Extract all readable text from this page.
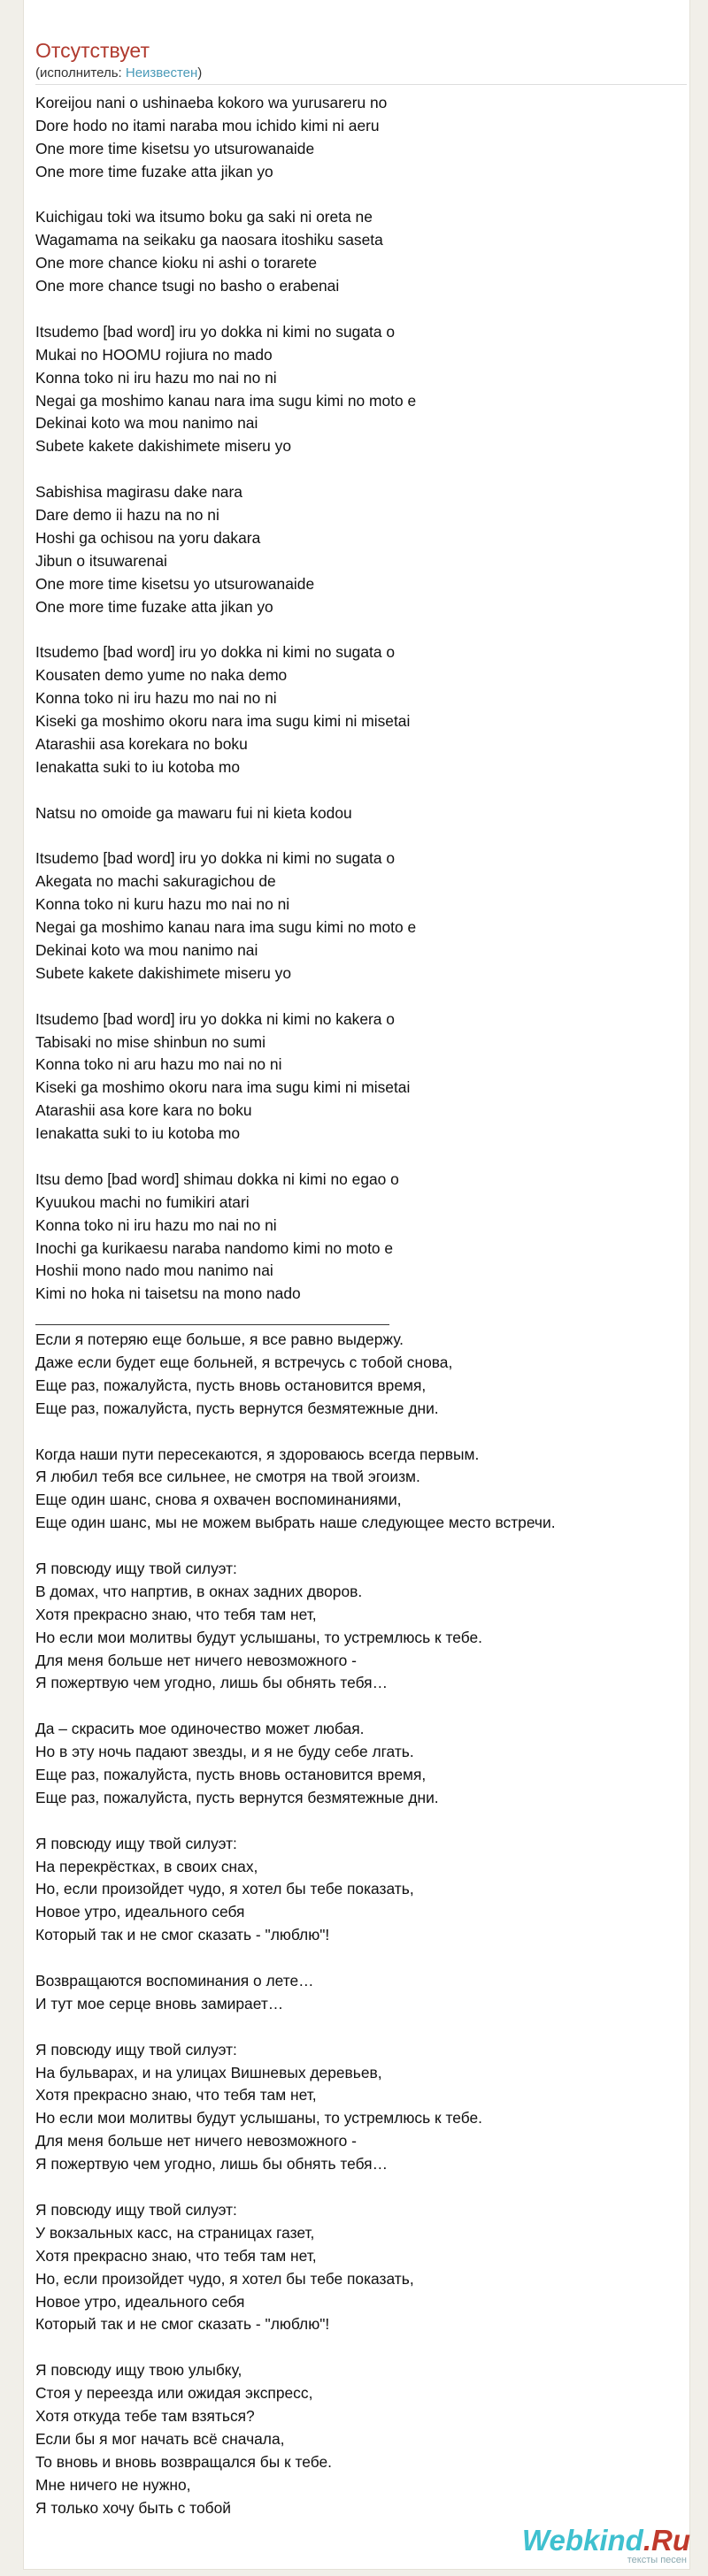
Отсутствует
(исполнитель: Неизвестен)
Koreijou nani o ushinaeba kokoro wa yurusareru no
Dore hodo no itami naraba mou ichido kimi ni aeru
One more time kisetsu yo utsurowanaide
One more time fuzake atta jikan yo
Kuichigau toki wa itsumo boku ga saki ni oreta ne
Wagamama na seikaku ga naosara itoshiku saseta
One more chance kioku ni ashi o torarete
One more chance tsugi no basho o erabenai
Itsudemo [bad word] iru yo dokka ni kimi no sugata o
Mukai no HOOMU rojiura no mado
Konna toko ni iru hazu mo nai no ni
Negai ga moshimo kanau nara ima sugu kimi no moto e
Dekinai koto wa mou nanimo nai
Subete kakete dakishimete miseru yo
Sabishisa magirasu dake nara
Dare demo ii hazu na no ni
Hoshi ga ochisou na yoru dakara
Jibun o itsuwarenai
One more time kisetsu yo utsurowanaide
One more time fuzake atta jikan yo
Itsudemo [bad word] iru yo dokka ni kimi no sugata o
Kousaten demo yume no naka demo
Konna toko ni iru hazu mo nai no ni
Kiseki ga moshimo okoru nara ima sugu kimi ni misetai
Atarashii asa korekara no boku
Ienakatta suki to iu kotoba mo
Natsu no omoide ga mawaru fui ni kieta kodou
Itsudemo [bad word] iru yo dokka ni kimi no sugata o
Akegata no machi sakuragichou de
Konna toko ni kuru hazu mo nai no ni
Negai ga moshimo kanau nara ima sugu kimi no moto e
Dekinai koto wa mou nanimo nai
Subete kakete dakishimete miseru yo
Itsudemo [bad word] iru yo dokka ni kimi no kakera o
Tabisaki no mise shinbun no sumi
Konna toko ni aru hazu mo nai no ni
Kiseki ga moshimo okoru nara ima sugu kimi ni misetai
Atarashii asa kore kara no boku
Ienakatta suki to iu kotoba mo
Itsu demo [bad word] shimau dokka ni kimi no egao o
Kyuukou machi no fumikiri atari
Konna toko ni iru hazu mo nai no ni
Inochi ga kurikaesu naraba nandomo kimi no moto e
Hoshii mono nado mou nanimo nai
Kimi no hoka ni taisetsu na mono nado
Если я потеряю еще больше, я все равно выдержу.
Даже если будет еще больней, я встречусь с тобой снова,
Еще раз, пожалуйста, пусть вновь остановится время,
Еще раз, пожалуйста, пусть вернутся безмятежные дни.
Когда наши пути пересекаются, я здороваюсь всегда первым.
Я любил тебя все сильнее, не смотря на твой эгоизм.
Еще один шанс, снова я охвачен воспоминаниями,
Еще один шанс, мы не можем выбрать наше следующее место встречи.
Я повсюду ищу твой силуэт:
В домах, что напртив, в окнах задних дворов.
Хотя прекрасно знаю, что тебя там нет,
Но если мои молитвы будут услышаны, то устремлюсь к тебе.
Для меня больше нет ничего невозможного -
Я пожертвую чем угодно, лишь бы обнять тебя…
Да – скрасить мое одиночество может любая.
Но в эту ночь падают звезды, и я не буду себе лгать.
Еще раз, пожалуйста, пусть вновь остановится время,
Еще раз, пожалуйста, пусть вернутся безмятежные дни.
Я повсюду ищу твой силуэт:
На перекрёстках, в своих снах,
Но, если произойдет чудо, я хотел бы тебе показать,
Новое утро, идеального себя
Который так и не смог сказать - "люблю"!
Возвращаются воспоминания о лете…
И тут мое серце вновь замирает…
Я повсюду ищу твой силуэт:
На бульварах, и на улицах Вишневых деревьев,
Хотя прекрасно знаю, что тебя там нет,
Но если мои молитвы будут услышаны, то устремлюсь к тебе.
Для меня больше нет ничего невозможного -
Я пожертвую чем угодно, лишь бы обнять тебя…
Я повсюду ищу твой силуэт:
У вокзальных касс, на страницах газет,
Хотя прекрасно знаю, что тебя там нет,
Но, если произойдет чудо, я хотел бы тебе показать,
Новое утро, идеального себя
Который так и не смог сказать - "люблю"!
Я повсюду ищу твою улыбку,
Стоя у переезда или ожидая экспресс,
Хотя откуда тебе там взяться?
Если бы я мог начать всё сначала,
То вновь и вновь возвращался бы к тебе.
Мне ничего не нужно,
Я только хочу быть с тобой
Webkind.Ru
тексты песен
